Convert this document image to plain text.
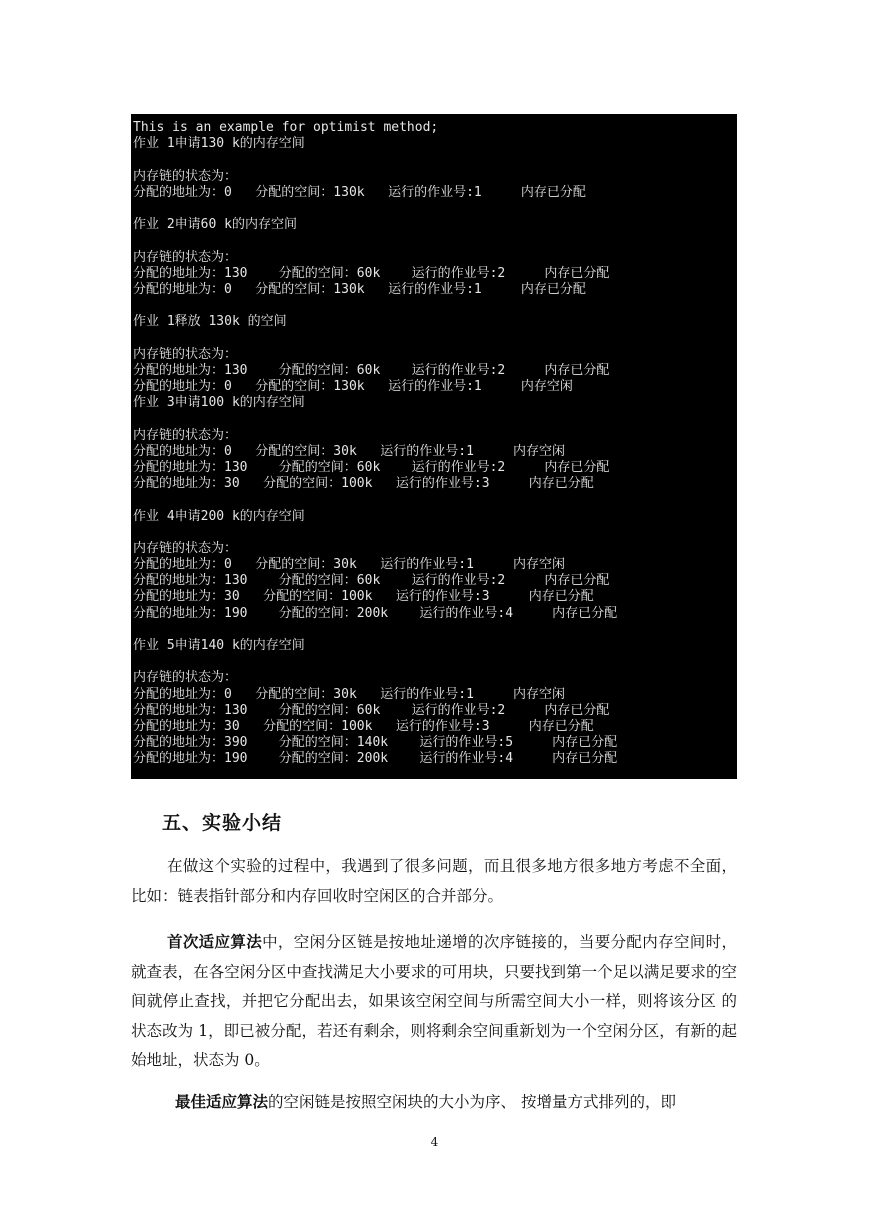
This is an example for optimist method;
作业 1申请130 k的内存空间
内存链的状态为：
分配的地址为：0   分配的空间：130k   运行的作业号:1     内存已分配
作业 2申请60 k的内存空间
内存链的状态为：
分配的地址为：130    分配的空间：60k    运行的作业号:2     内存已分配
分配的地址为：0   分配的空间：130k   运行的作业号:1     内存已分配
作业 1释放 130k 的空间
内存链的状态为：
分配的地址为：130    分配的空间：60k    运行的作业号:2     内存已分配
分配的地址为：0   分配的空间：130k   运行的作业号:1     内存空闲
作业 3申请100 k的内存空间
内存链的状态为：
分配的地址为：0   分配的空间：30k   运行的作业号:1     内存空闲
分配的地址为：130    分配的空间：60k    运行的作业号:2     内存已分配
分配的地址为：30   分配的空间：100k   运行的作业号:3     内存已分配
作业 4申请200 k的内存空间
内存链的状态为：
分配的地址为：0   分配的空间：30k   运行的作业号:1     内存空闲
分配的地址为：130    分配的空间：60k    运行的作业号:2     内存已分配
分配的地址为：30   分配的空间：100k   运行的作业号:3     内存已分配
分配的地址为：190    分配的空间：200k    运行的作业号:4     内存已分配
作业 5申请140 k的内存空间
内存链的状态为：
分配的地址为：0   分配的空间：30k   运行的作业号:1     内存空闲
分配的地址为：130    分配的空间：60k    运行的作业号:2     内存已分配
分配的地址为：30   分配的空间：100k   运行的作业号:3     内存已分配
分配的地址为：390    分配的空间：140k    运行的作业号:5     内存已分配
分配的地址为：190    分配的空间：200k    运行的作业号:4     内存已分配
五、实验小结
在做这个实验的过程中，我遇到了很多问题，而且很多地方很多地方考虑不全面，比如：链表指针部分和内存回收时空闲区的合并部分。
首次适应算法中，空闲分区链是按地址递增的次序链接的，当要分配内存空间时，就查表，在各空闲分区中查找满足大小要求的可用块，只要找到第一个足以满足要求的空间就停止查找，并把它分配出去，如果该空闲空间与所需空间大小一样，则将该分区 的状态改为 1，即已被分配，若还有剩余，则将剩余空间重新划为一个空闲分区，有新的起始地址，状态为 0。
最佳适应算法的空闲链是按照空闲块的大小为序、 按增量方式排列的，即
4
